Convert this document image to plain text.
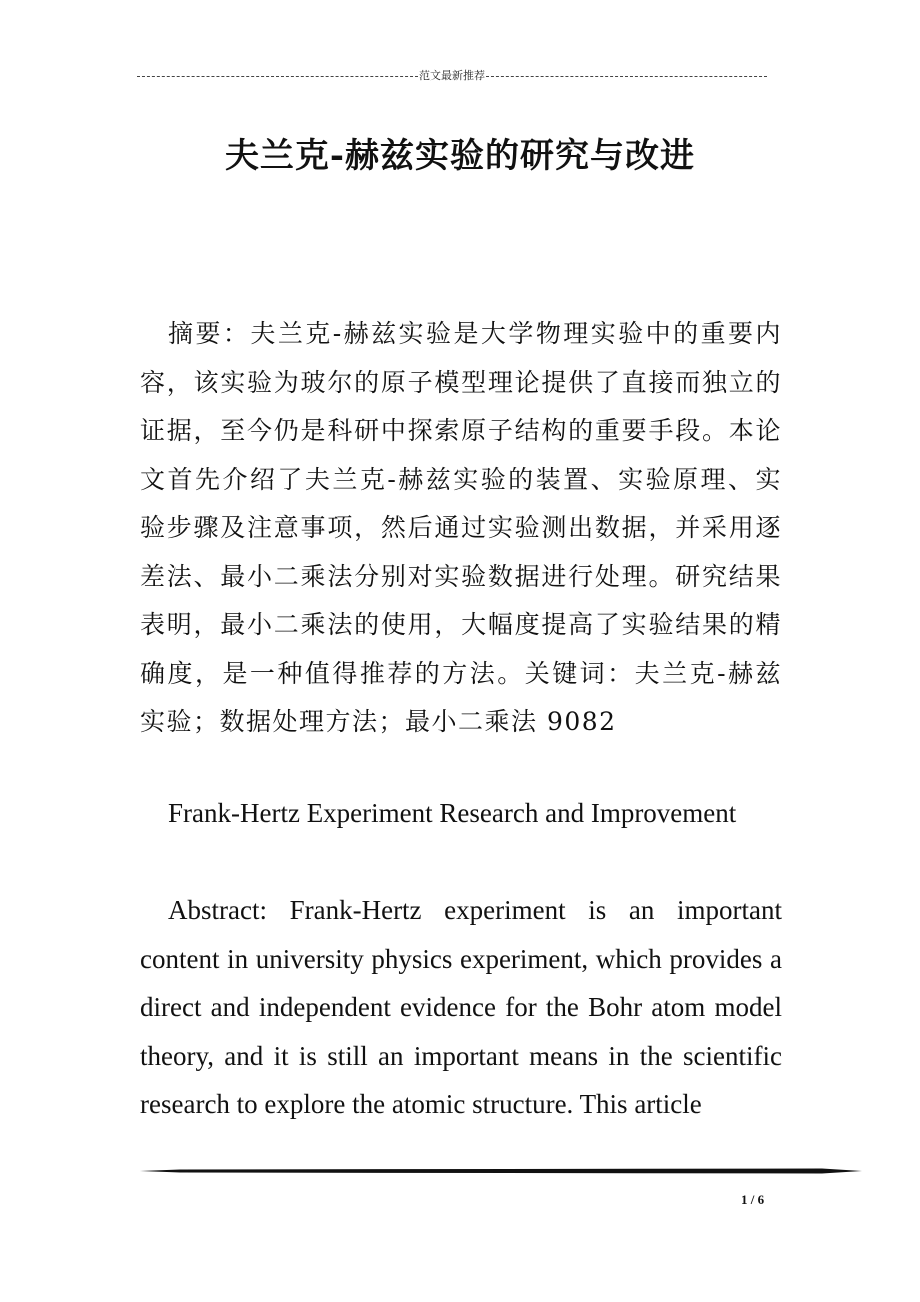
范文最新推荐
夫兰克-赫兹实验的研究与改进

摘要：夫兰克-赫兹实验是大学物理实验中的重要内容，该实验为玻尔的原子模型理论提供了直接而独立的证据，至今仍是科研中探索原子结构的重要手段。本论文首先介绍了夫兰克-赫兹实验的装置、实验原理、实验步骤及注意事项，然后通过实验测出数据，并采用逐差法、最小二乘法分别对实验数据进行处理。研究结果表明，最小二乘法的使用，大幅度提高了实验结果的精确度，是一种值得推荐的方法。关键词：夫兰克-赫兹实验；数据处理方法；最小二乘法 9082

Frank-Hertz Experiment Research and Improvement

Abstract: Frank-Hertz experiment is an important content in university physics experiment, which provides a direct and independent evidence for the Bohr atom model theory, and it is still an important means in the scientific research to explore the atomic structure. This article

1 / 6
